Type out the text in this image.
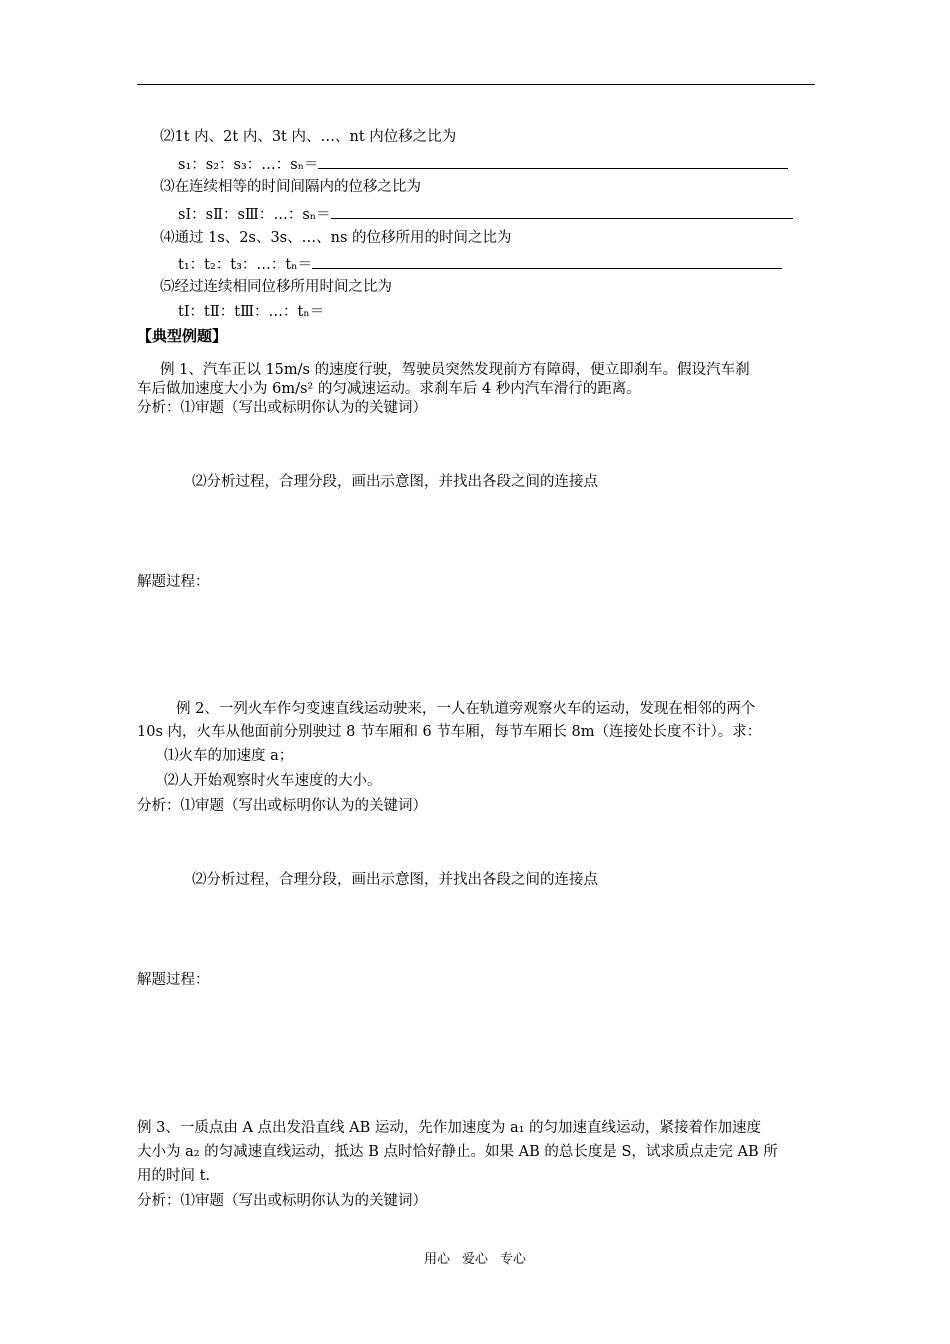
⑵1t 内、2t 内、3t 内、…、nt 内位移之比为
s₁：s₂：s₃：…：sₙ＝
⑶在连续相等的时间间隔内的位移之比为
sⅠ：sⅡ：sⅢ：…：sₙ＝
⑷通过 1s、2s、3s、…、ns 的位移所用的时间之比为
t₁：t₂：t₃：…：tₙ＝
⑸经过连续相同位移所用时间之比为
tⅠ：tⅡ：tⅢ：…：tₙ＝
【典型例题】
例 1、汽车正以 15m/s 的速度行驶，驾驶员突然发现前方有障碍，便立即刹车。假设汽车刹
车后做加速度大小为 6m/s² 的匀减速运动。求刹车后 4 秒内汽车滑行的距离。
分析：⑴审题（写出或标明你认为的关键词）
⑵分析过程，合理分段，画出示意图，并找出各段之间的连接点
解题过程：
例 2、一列火车作匀变速直线运动驶来，一人在轨道旁观察火车的运动，发现在相邻的两个
10s 内，火车从他面前分别驶过 8 节车厢和 6 节车厢，每节车厢长 8m（连接处长度不计）。求：
⑴火车的加速度 a；
⑵人开始观察时火车速度的大小。
分析：⑴审题（写出或标明你认为的关键词）
⑵分析过程，合理分段，画出示意图，并找出各段之间的连接点
解题过程：
例 3、一质点由 A 点出发沿直线 AB 运动，先作加速度为 a₁ 的匀加速直线运动，紧接着作加速度
大小为 a₂ 的匀减速直线运动，抵达 B 点时恰好静止。如果 AB 的总长度是 S，试求质点走完 AB 所
用的时间 t.
分析：⑴审题（写出或标明你认为的关键词）
用心 爱心 专心
